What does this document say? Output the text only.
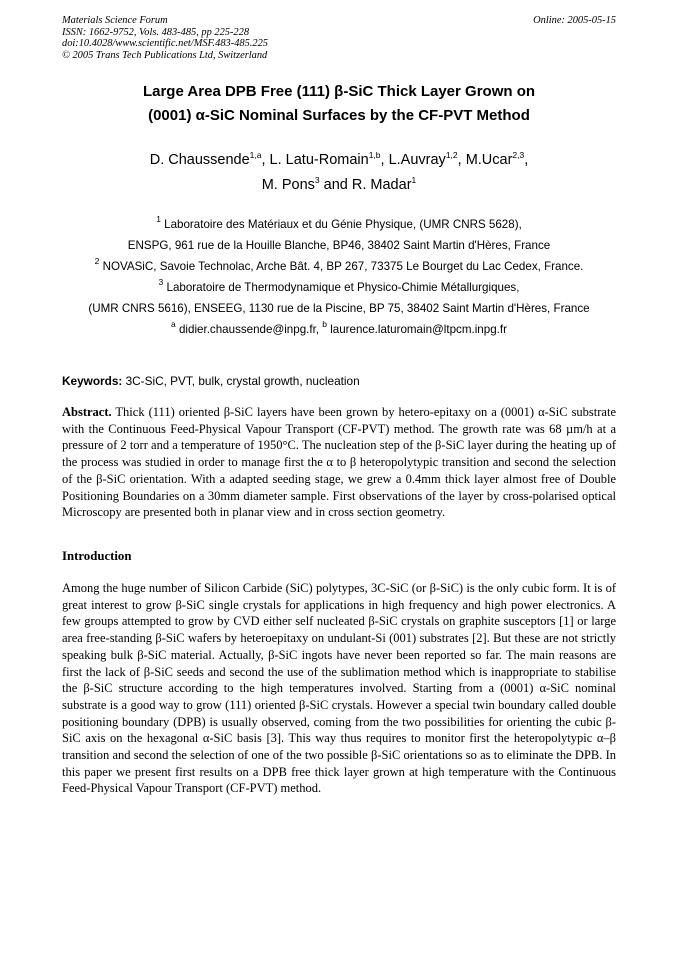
Materials Science Forum
ISSN: 1662-9752, Vols. 483-485, pp 225-228
doi:10.4028/www.scientific.net/MSF.483-485.225
© 2005 Trans Tech Publications Ltd, Switzerland
Online: 2005-05-15
Large Area DPB Free (111) β-SiC Thick Layer Grown on
(0001) α-SiC Nominal Surfaces by the CF-PVT Method
D. Chaussende$^{1,a}$, L. Latu-Romain$^{1,b}$, L.Auvray$^{1,2}$, M.Ucar$^{2,3}$,
M. Pons$^3$ and R. Madar$^1$
$^1$ Laboratoire des Matériaux et du Génie Physique, (UMR CNRS 5628),
ENSPG, 961 rue de la Houille Blanche, BP46, 38402 Saint Martin d'Hères, France
$^2$ NOVASiC, Savoie Technolac, Arche Bât. 4, BP 267, 73375 Le Bourget du Lac Cedex, France.
$^3$ Laboratoire de Thermodynamique et Physico-Chimie Métallurgiques,
(UMR CNRS 5616), ENSEEG, 1130 rue de la Piscine, BP 75, 38402 Saint Martin d'Hères, France
$^a$ didier.chaussende@inpg.fr, $^b$ laurence.laturomain@ltpcm.inpg.fr
Keywords: 3C-SiC, PVT, bulk, crystal growth, nucleation
Abstract. Thick (111) oriented β-SiC layers have been grown by hetero-epitaxy on a (0001) α-SiC substrate with the Continuous Feed-Physical Vapour Transport (CF-PVT) method. The growth rate was 68 µm/h at a pressure of 2 torr and a temperature of 1950°C. The nucleation step of the β-SiC layer during the heating up of the process was studied in order to manage first the α to β heteropolytypic transition and second the selection of the β-SiC orientation. With a adapted seeding stage, we grew a 0.4mm thick layer almost free of Double Positioning Boundaries on a 30mm diameter sample. First observations of the layer by cross-polarised optical Microscopy are presented both in planar view and in cross section geometry.
Introduction
Among the huge number of Silicon Carbide (SiC) polytypes, 3C-SiC (or β-SiC) is the only cubic form. It is of great interest to grow β-SiC single crystals for applications in high frequency and high power electronics. A few groups attempted to grow by CVD either self nucleated β-SiC crystals on graphite susceptors [1] or large area free-standing β-SiC wafers by heteroepitaxy on undulant-Si (001) substrates [2]. But these are not strictly speaking bulk β-SiC material. Actually, β-SiC ingots have never been reported so far. The main reasons are first the lack of β-SiC seeds and second the use of the sublimation method which is inappropriate to stabilise the β-SiC structure according to the high temperatures involved. Starting from a (0001) α-SiC nominal substrate is a good way to grow (111) oriented β-SiC crystals. However a special twin boundary called double positioning boundary (DPB) is usually observed, coming from the two possibilities for orienting the cubic β-SiC axis on the hexagonal α-SiC basis [3]. This way thus requires to monitor first the heteropolytypic α–β transition and second the selection of one of the two possible β-SiC orientations so as to eliminate the DPB. In this paper we present first results on a DPB free thick layer grown at high temperature with the Continuous Feed-Physical Vapour Transport (CF-PVT) method.
